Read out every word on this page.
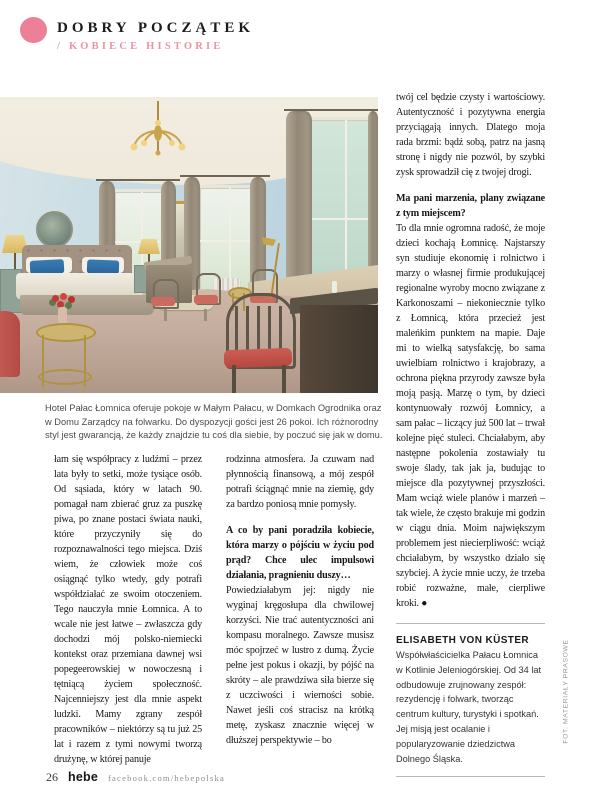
DOBRY POCZĄTEK
/ KOBIECE HISTORIE
Hotel Pałac Łomnica oferuje pokoje w Małym Pałacu, w Domkach Ogrodnika oraz w Domu Zarządcy na folwarku. Do dyspozycji gości jest 26 pokoi. Ich różnorodny styl jest gwarancją, że każdy znajdzie tu coś dla siebie, by poczuć się jak w domu.
FOT. MATERIAŁY PRASOWE

łam się współpracy z ludźmi – przez lata były to setki, może tysiące osób. Od sąsiada, który w latach 90. pomagał nam zbierać gruz za puszkę piwa, po znane postaci świata nauki, które przyczyniły się do rozpoznawalności tego miejsca. Dziś wiem, że człowiek może coś osiągnąć tylko wtedy, gdy potrafi współdziałać ze swoim otoczeniem. Tego nauczyła mnie Łomnica. A to wcale nie jest łatwe – zwłaszcza gdy dochodzi mój polsko-niemiecki kontekst oraz przemiana dawnej wsi popegeerowskiej w nowoczesną i tętniącą życiem społeczność. Najcenniejszy jest dla mnie aspekt ludzki. Mamy zgrany zespół pracowników – niektórzy są tu już 25 lat i razem z tymi nowymi tworzą drużynę, w której panuje

rodzinna atmosfera. Ja czuwam nad płynnością finansową, a mój zespół potrafi ściągnąć mnie na ziemię, gdy za bardzo poniosą mnie pomysły.

A co by pani poradziła kobiecie, która marzy o pójściu w życiu pod prąd? Chce ulec impulsowi działania, pragnieniu duszy…

Powiedziałabym jej: nigdy nie wyginaj kręgosłupa dla chwilowej korzyści. Nie trać autentyczności ani kompasu moralnego. Zawsze musisz móc spojrzeć w lustro z dumą. Życie pełne jest pokus i okazji, by pójść na skróty – ale prawdziwa siła bierze się z uczciwości i wierności sobie. Nawet jeśli coś stracisz na krótką metę, zyskasz znacznie więcej w dłuższej perspektywie – bo

twój cel będzie czysty i wartościowy. Autentyczność i pozytywna energia przyciągają innych. Dlatego moja rada brzmi: bądź sobą, patrz na jasną stronę i nigdy nie pozwól, by szybki zysk sprowadził cię z twojej drogi.

Ma pani marzenia, plany związane z tym miejscem?

To dla mnie ogromna radość, że moje dzieci kochają Łomnicę. Najstarszy syn studiuje ekonomię i rolnictwo i marzy o własnej firmie produkującej regionalne wyroby mocno związane z Karkonoszami – niekoniecznie tylko z Łomnicą, która przecież jest maleńkim punktem na mapie. Daje mi to wielką satysfakcję, bo sama uwielbiam rolnictwo i krajobrazy, a ochrona piękna przyrody zawsze była moją pasją. Marzę o tym, by dzieci kontynuowały rozwój Łomnicy, a sam pałac – liczący już 500 lat – trwał kolejne pięć stuleci. Chciałabym, aby następne pokolenia zostawiały tu swoje ślady, tak jak ja, budując to miejsce dla pozytywnej przyszłości. Mam wciąż wiele planów i marzeń – tak wiele, że często brakuje mi godzin w ciągu dnia. Moim największym problemem jest niecierpliwość: wciąż chciałabym, by wszystko działo się szybciej. A życie mnie uczy, że trzeba robić rozważne, małe, cierpliwe kroki. ●

ELISABETH VON KÜSTER

Współwłaścicielka Pałacu Łomnica w Kotlinie Jeleniogórskiej. Od 34 lat odbudowuje zrujnowany zespół: rezydencję i folwark, tworząc centrum kultury, turystyki i spotkań. Jej misją jest ocalanie i popularyzowanie dziedzictwa Dolnego Śląska.

26 hebe facebook.com/hebepolska
